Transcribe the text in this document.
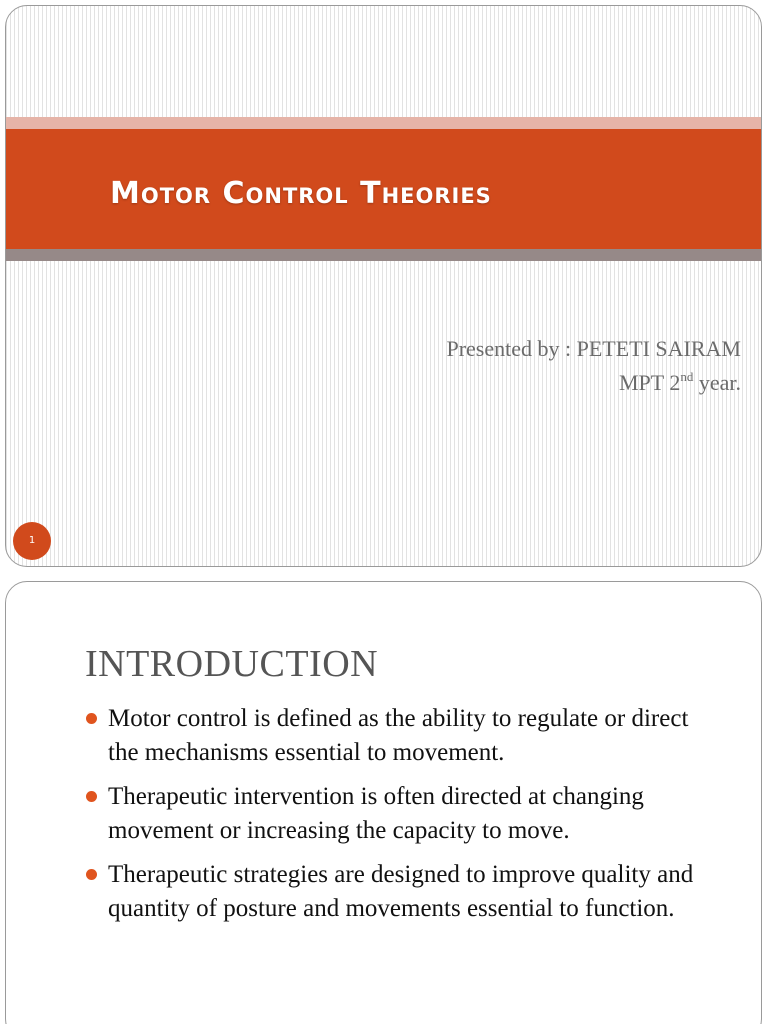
Motor Control Theories
Presented by : PETETI SAIRAM
MPT 2nd year.
1
INTRODUCTION
Motor control is defined as the ability to regulate or direct the mechanisms essential to movement.
Therapeutic intervention is often directed at changing movement or increasing the capacity to move.
Therapeutic strategies are designed to improve quality and quantity of posture and movements essential to function.
